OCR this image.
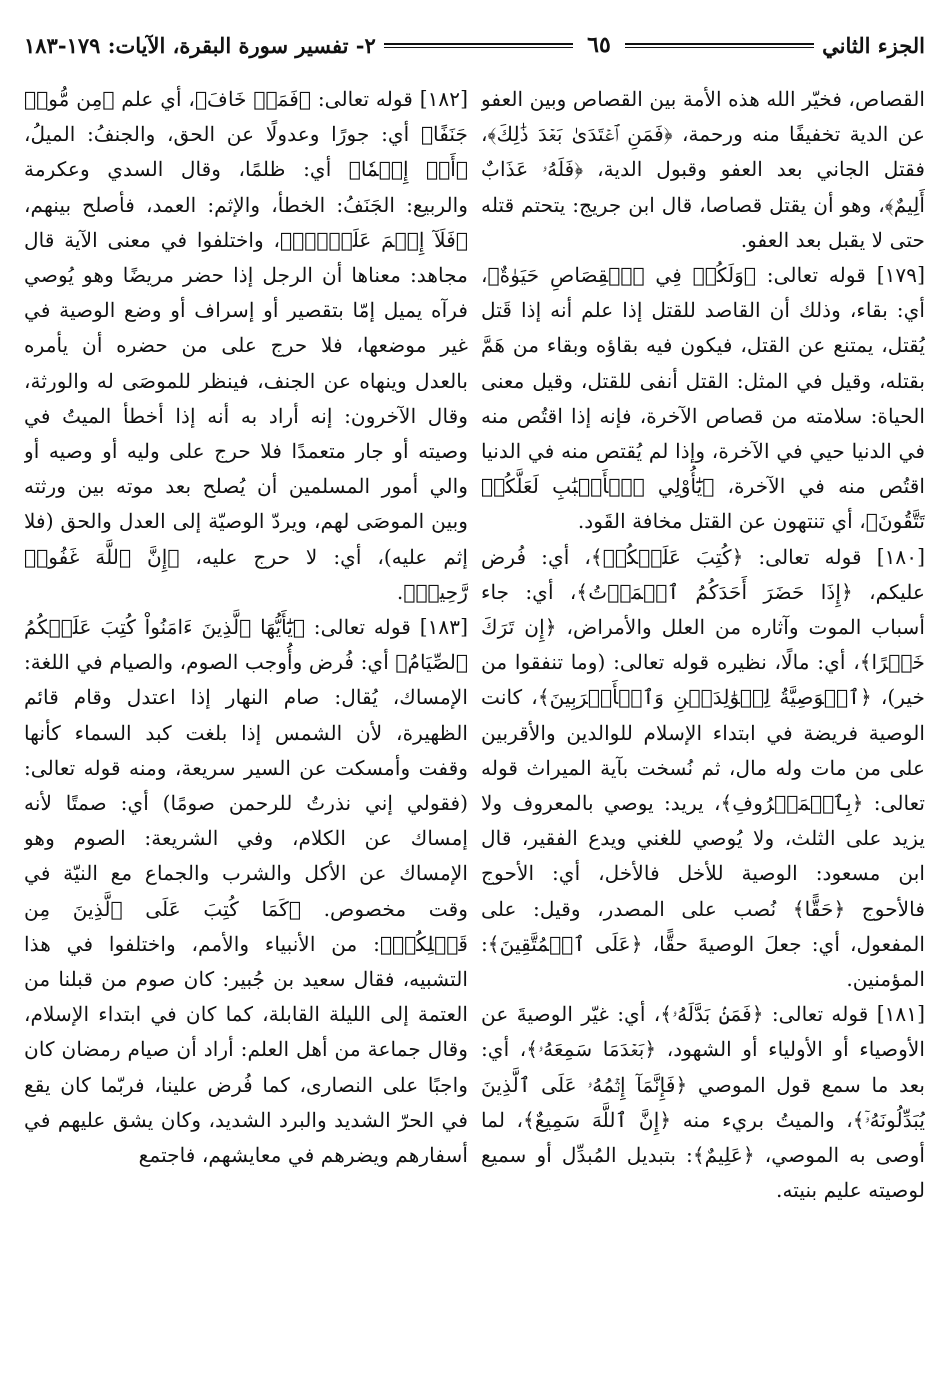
الجزء الثاني
٦٥
٢- تفسير سورة البقرة، الآيات: ١٧٩-١٨٣

القصاص، فخيّر الله هذه الأمة بين القصاص وبين العفو عن الدية تخفيفًا منه ورحمة، ﴿فَمَنِ ٱعۡتَدَىٰ بَعۡدَ ذَٰلِكَ﴾، فقتل الجاني بعد العفو وقبول الدية، ﴿فَلَهُۥ عَذَابٌ أَلِيمٌ﴾، وهو أن يقتل قصاصا، قال ابن جريج: يتحتم قتله حتى لا يقبل بعد العفو.

[١٧٩] قوله تعالى: ﴿وَلَكُمۡ فِي ٱلۡقِصَاصِ حَيَوٰةٌ﴾، أي: بقاء، وذلك أن القاصد للقتل إذا علم أنه إذا قَتل يُقتل، يمتنع عن القتل، فيكون فيه بقاؤه وبقاء من هَمَّ بقتله، وقيل في المثل: القتل أنفى للقتل، وقيل معنى الحياة: سلامته من قصاص الآخرة، فإنه إذا اقتُص منه في الدنيا حيي في الآخرة، وإذا لم يُقتص منه في الدنيا اقتُص منه في الآخرة، ﴿يَٰٓأُوْلِي ٱلۡأَلۡبَٰبِ لَعَلَّكُمۡ تَتَّقُونَ﴾، أي تنتهون عن القتل مخافة القَود.

[١٨٠] قوله تعالى: ﴿كُتِبَ عَلَيۡكُمۡ﴾، أي: فُرض عليكم، ﴿إِذَا حَضَرَ أَحَدَكُمُ ٱلۡمَوۡتُ﴾، أي: جاء أسباب الموت وآثاره من العلل والأمراض، ﴿إِن تَرَكَ خَيۡرًا﴾، أي: مالًا، نظيره قوله تعالى: (وما تنفقوا من خير)، ﴿ٱلۡوَصِيَّةُ لِلۡوَٰلِدَيۡنِ وَٱلۡأَقۡرَبِينَ﴾، كانت الوصية فريضة في ابتداء الإسلام للوالدين والأقربين على من مات وله مال، ثم نُسخت بآية الميراث قوله تعالى: ﴿بِٱلۡمَعۡرُوفِ﴾، يريد: يوصي بالمعروف ولا يزيد على الثلث، ولا يُوصي للغني ويدع الفقير، قال ابن مسعود: الوصية للأخل فالأخل، أي: الأحوج فالأحوج ﴿حَقًّا﴾ نُصب على المصدر، وقيل: على المفعول، أي: جعلَ الوصيةَ حقًّا، ﴿عَلَى ٱلۡمُتَّقِينَ﴾: المؤمنين.

[١٨١] قوله تعالى: ﴿فَمَنۢ بَدَّلَهُۥ﴾، أي: غيّر الوصيةَ عن الأوصياء أو الأولياء أو الشهود، ﴿بَعۡدَمَا سَمِعَهُۥ﴾، أي: بعد ما سمع قول الموصي ﴿فَإِنَّمَآ إِثۡمُهُۥ عَلَى ٱلَّذِينَ يُبَدِّلُونَهُۥٓ﴾، والميتُ بريء منه ﴿إِنَّ ٱللَّهَ سَمِيعٌ﴾، لما أوصى به الموصي، ﴿عَلِيمٌ﴾: بتبديل المُبدِّل أو سميع لوصيته عليم بنيته.

[١٨٢] قوله تعالى: ﴿فَمَنۡ خَافَ﴾، أي علم ﴿مِن مُّوصٖ جَنَفًا﴾ أي: جورًا وعدولًا عن الحق، والجنفُ: الميلُ، ﴿أَوۡ إِثۡمٗا﴾ أي: ظلمًا، وقال السدي وعكرمة والربيع: الجَنَفُ: الخطأ، والإثم: العمد، فأصلح بينهم، ﴿فَلَآ إِثۡمَ عَلَيۡهِۚ﴾، واختلفوا في معنى الآية قال مجاهد: معناها أن الرجل إذا حضر مريضًا وهو يُوصي فرآه يميل إمّا بتقصير أو إسراف أو وضع الوصية في غير موضعها، فلا حرج على من حضره أن يأمره بالعدل وينهاه عن الجنف، فينظر للموصَى له والورثة، وقال الآخرون: إنه أراد به أنه إذا أخطأ الميتُ في وصيته أو جار متعمدًا فلا حرج على وليه أو وصيه أو والي أمور المسلمين أن يُصلح بعد موته بين ورثته وبين الموصَى لهم، ويردّ الوصيّة إلى العدل والحق (فلا إثم عليه)، أي: لا حرج عليه، ﴿إِنَّ ٱللَّهَ غَفُورٞ رَّحِيمٞ﴾.

[١٨٣] قوله تعالى: ﴿يَٰٓأَيُّهَا ٱلَّذِينَ ءَامَنُواْ كُتِبَ عَلَيۡكُمُ ٱلصِّيَامُ﴾ أي: فُرض وأُوجب الصوم، والصيام في اللغة: الإمساك، يُقال: صام النهار إذا اعتدل وقام قائم الظهيرة، لأن الشمس إذا بلغت كبد السماء كأنها وقفت وأمسكت عن السير سريعة، ومنه قوله تعالى: (فقولي إني نذرتُ للرحمن صومًا) أي: صمتًا لأنه إمساك عن الكلام، وفي الشريعة: الصوم وهو الإمساك عن الأكل والشرب والجماع مع النيّة في وقت مخصوص. ﴿كَمَا كُتِبَ عَلَى ٱلَّذِينَ مِن قَبۡلِكُمۡ﴾: من الأنبياء والأمم، واختلفوا في هذا التشبيه، فقال سعيد بن جُبير: كان صوم من قبلنا من العتمة إلى الليلة القابلة، كما كان في ابتداء الإسلام، وقال جماعة من أهل العلم: أراد أن صيام رمضان كان واجبًا على النصارى، كما فُرض علينا، فربّما كان يقع في الحرّ الشديد والبرد الشديد، وكان يشق عليهم في أسفارهم ويضرهم في معايشهم، فاجتمع
